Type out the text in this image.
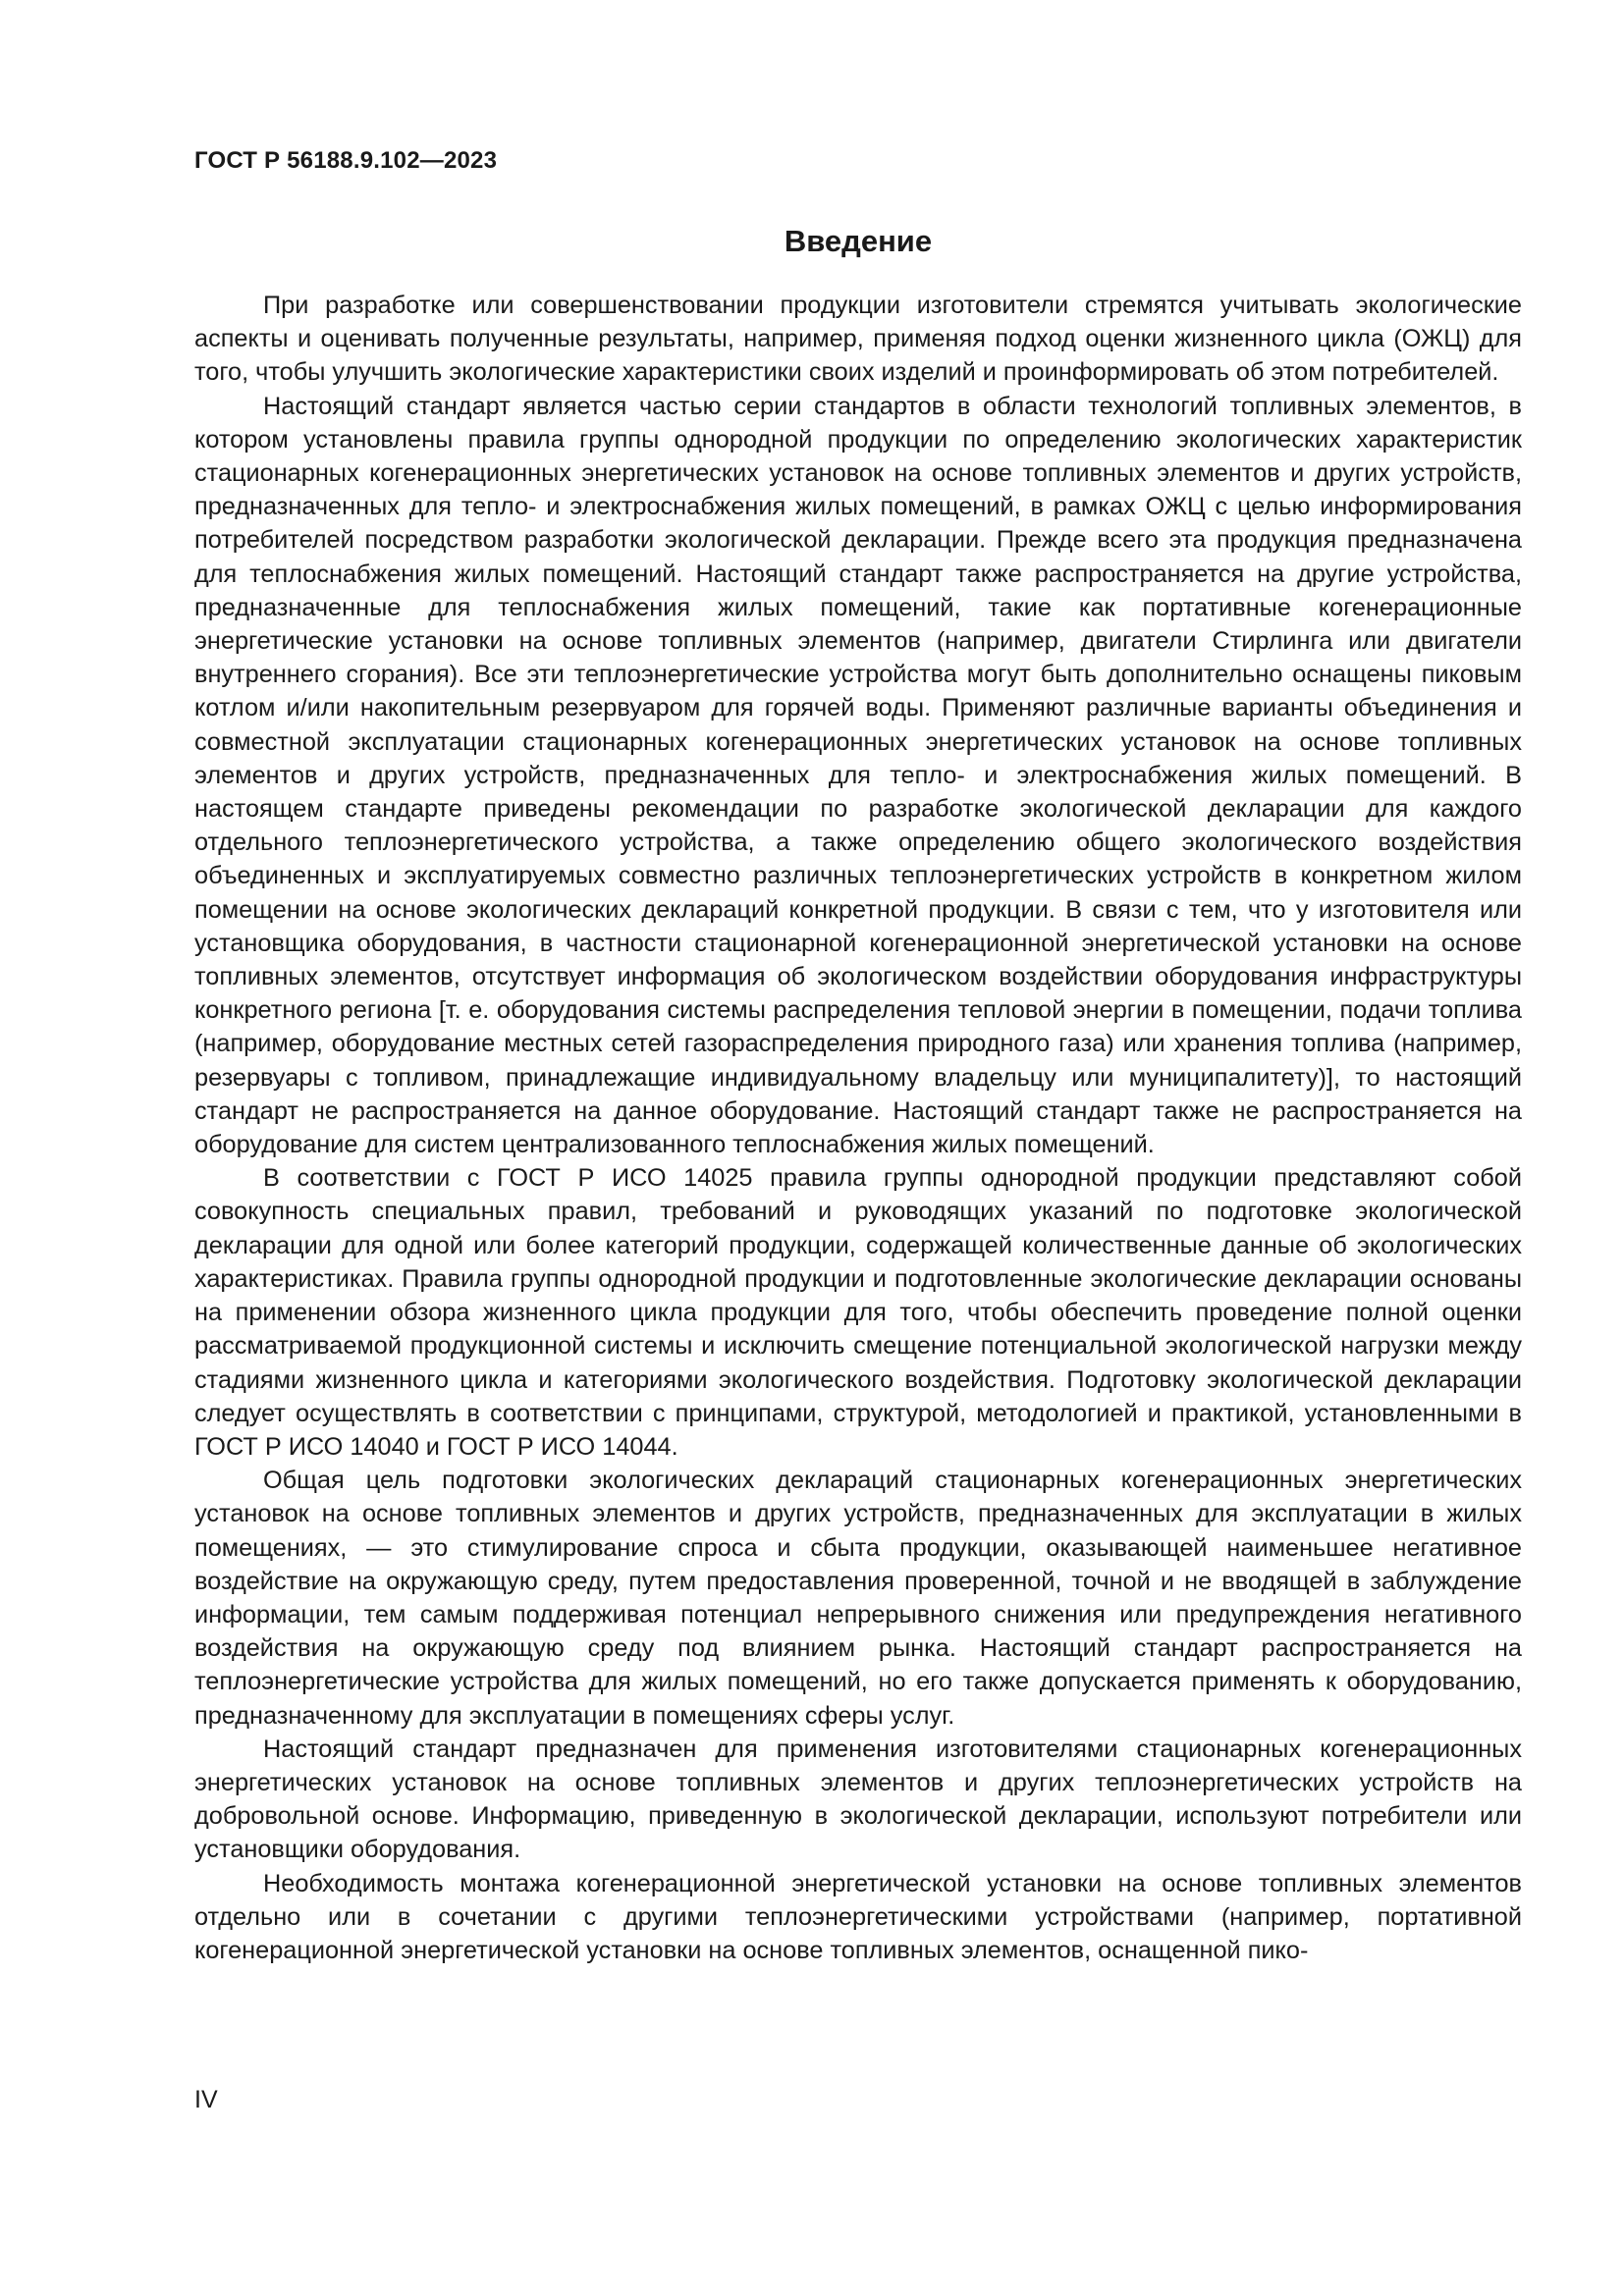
ГОСТ Р 56188.9.102—2023

Введение

При разработке или совершенствовании продукции изготовители стремятся учитывать экологические аспекты и оценивать полученные результаты, например, применяя подход оценки жизненного цикла (ОЖЦ) для того, чтобы улучшить экологические характеристики своих изделий и проинформировать об этом потребителей.

Настоящий стандарт является частью серии стандартов в области технологий топливных элементов, в котором установлены правила группы однородной продукции по определению экологических характеристик стационарных когенерационных энергетических установок на основе топливных элементов и других устройств, предназначенных для тепло- и электроснабжения жилых помещений, в рамках ОЖЦ с целью информирования потребителей посредством разработки экологической декларации. Прежде всего эта продукция предназначена для теплоснабжения жилых помещений. Настоящий стандарт также распространяется на другие устройства, предназначенные для теплоснабжения жилых помещений, такие как портативные когенерационные энергетические установки на основе топливных элементов (например, двигатели Стирлинга или двигатели внутреннего сгорания). Все эти теплоэнергетические устройства могут быть дополнительно оснащены пиковым котлом и/или накопительным резервуаром для горячей воды. Применяют различные варианты объединения и совместной эксплуатации стационарных когенерационных энергетических установок на основе топливных элементов и других устройств, предназначенных для тепло- и электроснабжения жилых помещений. В настоящем стандарте приведены рекомендации по разработке экологической декларации для каждого отдельного теплоэнергетического устройства, а также определению общего экологического воздействия объединенных и эксплуатируемых совместно различных теплоэнергетических устройств в конкретном жилом помещении на основе экологических деклараций конкретной продукции. В связи с тем, что у изготовителя или установщика оборудования, в частности стационарной когенерационной энергетической установки на основе топливных элементов, отсутствует информация об экологическом воздействии оборудования инфраструктуры конкретного региона [т. е. оборудования системы распределения тепловой энергии в помещении, подачи топлива (например, оборудование местных сетей газораспределения природного газа) или хранения топлива (например, резервуары с топливом, принадлежащие индивидуальному владельцу или муниципалитету)], то настоящий стандарт не распространяется на данное оборудование. Настоящий стандарт также не распространяется на оборудование для систем централизованного теплоснабжения жилых помещений.

В соответствии с ГОСТ Р ИСО 14025 правила группы однородной продукции представляют собой совокупность специальных правил, требований и руководящих указаний по подготовке экологической декларации для одной или более категорий продукции, содержащей количественные данные об экологических характеристиках. Правила группы однородной продукции и подготовленные экологические декларации основаны на применении обзора жизненного цикла продукции для того, чтобы обеспечить проведение полной оценки рассматриваемой продукционной системы и исключить смещение потенциальной экологической нагрузки между стадиями жизненного цикла и категориями экологического воздействия. Подготовку экологической декларации следует осуществлять в соответствии с принципами, структурой, методологией и практикой, установленными в ГОСТ Р ИСО 14040 и ГОСТ Р ИСО 14044.

Общая цель подготовки экологических деклараций стационарных когенерационных энергетических установок на основе топливных элементов и других устройств, предназначенных для эксплуатации в жилых помещениях, — это стимулирование спроса и сбыта продукции, оказывающей наименьшее негативное воздействие на окружающую среду, путем предоставления проверенной, точной и не вводящей в заблуждение информации, тем самым поддерживая потенциал непрерывного снижения или предупреждения негативного воздействия на окружающую среду под влиянием рынка. Настоящий стандарт распространяется на теплоэнергетические устройства для жилых помещений, но его также допускается применять к оборудованию, предназначенному для эксплуатации в помещениях сферы услуг.

Настоящий стандарт предназначен для применения изготовителями стационарных когенерационных энергетических установок на основе топливных элементов и других теплоэнергетических устройств на добровольной основе. Информацию, приведенную в экологической декларации, используют потребители или установщики оборудования.

Необходимость монтажа когенерационной энергетической установки на основе топливных элементов отдельно или в сочетании с другими теплоэнергетическими устройствами (например, портативной когенерационной энергетической установки на основе топливных элементов, оснащенной пико-

IV
